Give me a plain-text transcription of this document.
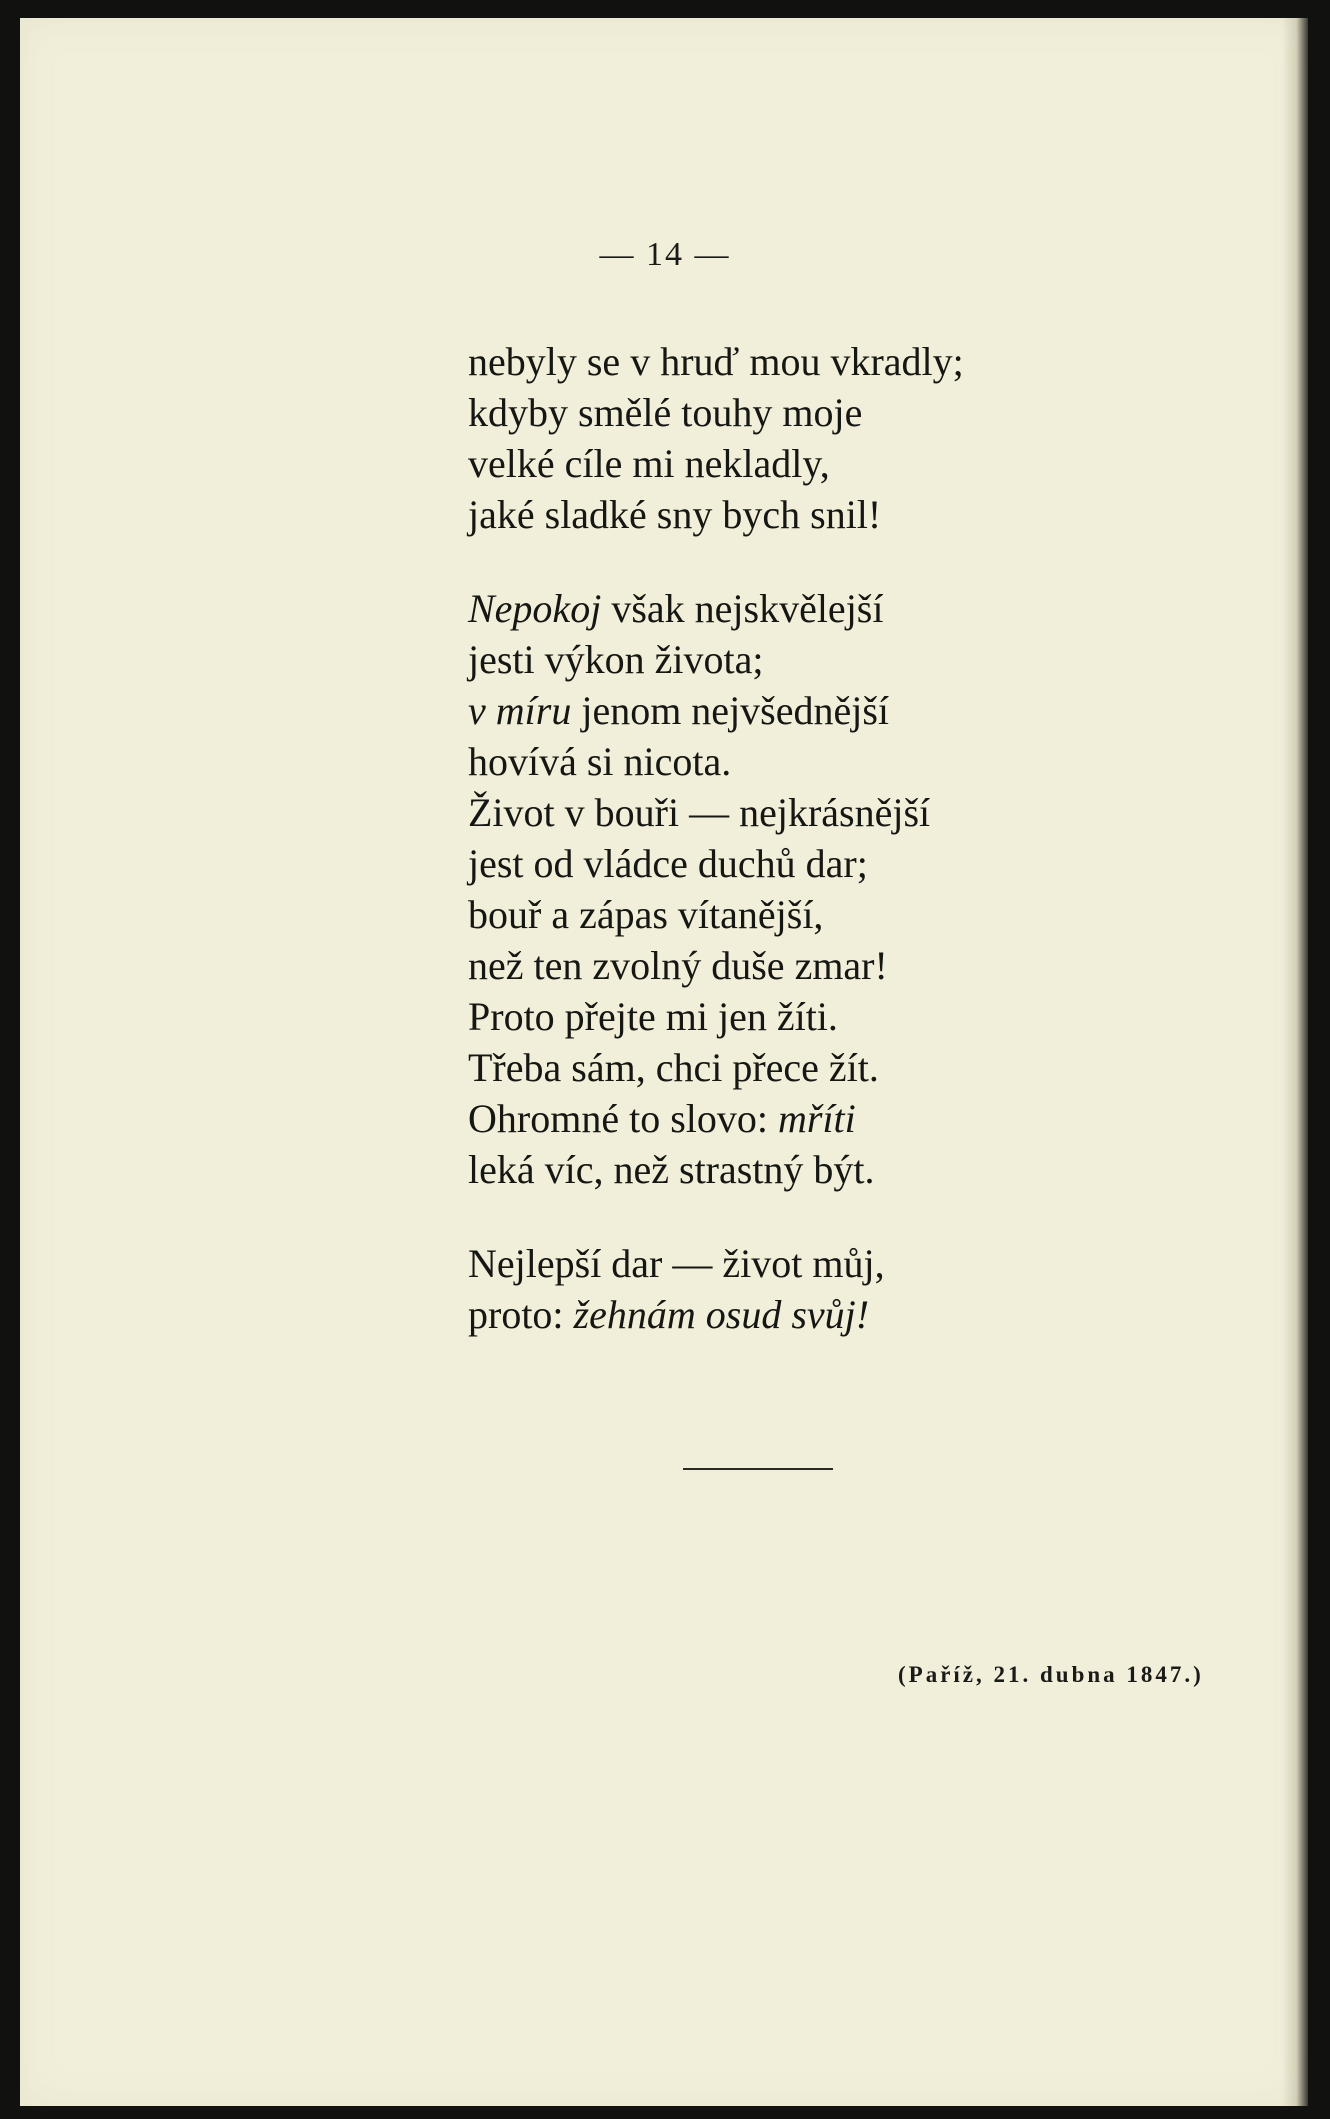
— 14 —
nebyly se v hruď mou vkradly;
kdyby smělé touhy moje
velké cíle mi nekladly,
jaké sladké sny bych snil!
Nepokoj však nejskvělejší
jesti výkon života;
v míru jenom nejvšednější
hovívá si nicota.
Život v bouři — nejkrásnější
jest od vládce duchů dar;
bouř a zápas vítanější,
než ten zvolný duše zmar!
Proto přejte mi jen žíti.
Třeba sám, chci přece žít.
Ohromné to slovo: mříti
leká víc, než strastný být.
Nejlepší dar — život můj,
proto: žehnám osud svůj!
(Paříž, 21. dubna 1847.)
